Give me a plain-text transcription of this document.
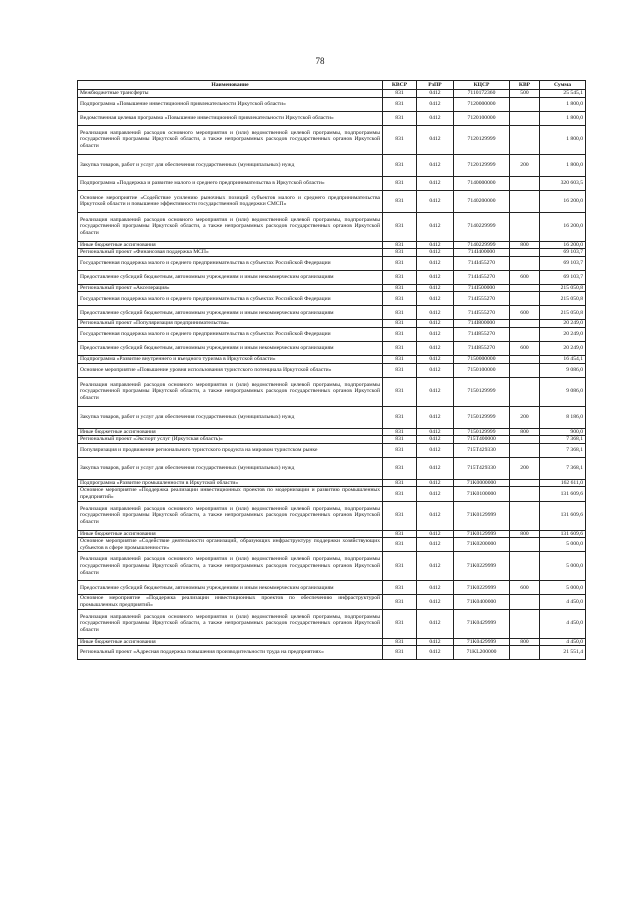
78
Наименование	КВСР	РзПР	КЦСР	КВР	Сумма
Межбюджетные трансферты	831	0412	7110172360	500	25 545,1
Подпрограмма «Повышение инвестиционной привлекательности Иркутской области»	831	0412	7120000000		1 800,0
Ведомственная целевая программа «Повышение инвестиционной привлекательности Иркутской области»	831	0412	7120100000		1 800,0
Реализация направлений расходов основного мероприятия и (или) ведомственной целевой программы, подпрограммы государственной программы Иркутской области, а также непрограммных расходов государственных органов Иркутской области	831	0412	7120129999		1 800,0
Закупка товаров, работ и услуг для обеспечения государственных (муниципальных) нужд	831	0412	7120129999	200	1 800,0
Подпрограмма «Поддержка и развитие малого и среднего предпринимательства в Иркутской области»	831	0412	7140000000		320 603,5
Основное мероприятие «Содействие усилению рыночных позиций субъектов малого и среднего предпринимательства Иркутской области и повышение эффективности государственной поддержки СМСП»	831	0412	7140200000		16 200,0
Реализация направлений расходов основного мероприятия и (или) ведомственной целевой программы, подпрограммы государственной программы Иркутской области, а также непрограммных расходов государственных органов Иркутской области	831	0412	7140229999		16 200,0
Иные бюджетные ассигнования	831	0412	7140229999	800	16 200,0
Региональный проект «Финансовая поддержка МСП»	831	0412	714I400000		69 103,7
Государственная поддержка малого и среднего предпринимательства в субъектах Российской Федерации	831	0412	714I455270		69 103,7
Предоставление субсидий бюджетным, автономным учреждениям и иным некоммерческим организациям	831	0412	714I455270	600	69 103,7
Региональный проект «Акселерация»	831	0412	714I500000		215 050,8
Государственная поддержка малого и среднего предпринимательства в субъектах Российской Федерации	831	0412	714I555270		215 050,8
Предоставление субсидий бюджетным, автономным учреждениям и иным некоммерческим организациям	831	0412	714I555270	600	215 050,8
Региональный проект «Популяризация предпринимательства»	831	0412	714I800000		20 249,0
Государственная поддержка малого и среднего предпринимательства в субъектах Российской Федерации	831	0412	714I855270		20 249,0
Предоставление субсидий бюджетным, автономным учреждениям и иным некоммерческим организациям	831	0412	714I855270	600	20 249,0
Подпрограмма «Развитие внутреннего и въездного туризма в Иркутской области»	831	0412	7150000000		16 454,1
Основное мероприятие «Повышение уровня использования туристского потенциала Иркутской области»	831	0412	7150100000		9 086,0
Реализация направлений расходов основного мероприятия и (или) ведомственной целевой программы, подпрограммы государственной программы Иркутской области, а также непрограммных расходов государственных органов Иркутской области	831	0412	7150129999		9 086,0
Закупка товаров, работ и услуг для обеспечения государственных (муниципальных) нужд	831	0412	7150129999	200	8 186,0
Иные бюджетные ассигнования	831	0412	7150129999	800	900,0
Региональный проект «Экспорт услуг (Иркутская область)»	831	0412	715T400000		7 368,1
Популяризация и продвижение регионального туристского продукта на мировом туристском рынке	831	0412	715T429330		7 368,1
Закупка товаров, работ и услуг для обеспечения государственных (муниципальных) нужд	831	0412	715T429330	200	7 368,1
Подпрограмма «Развитие промышленности в Иркутской области»	831	0412	71K0000000		162 611,0
Основное мероприятие «Поддержка реализации инвестиционных проектов по модернизации и развитию промышленных предприятий»	831	0412	71K0100000		131 609,6
Реализация направлений расходов основного мероприятия и (или) ведомственной целевой программы, подпрограммы государственной программы Иркутской области, а также непрограммных расходов государственных органов Иркутской области	831	0412	71K0129999		131 609,6
Иные бюджетные ассигнования	831	0412	71K0129999	800	131 609,6
Основное мероприятие «Содействие деятельности организаций, образующих инфраструктуру поддержки хозяйствующих субъектов в сфере промышленности»	831	0412	71K0200000		5 000,0
Реализация направлений расходов основного мероприятия и (или) ведомственной целевой программы, подпрограммы государственной программы Иркутской области, а также непрограммных расходов государственных органов Иркутской области	831	0412	71K0229999		5 000,0
Предоставление субсидий бюджетным, автономным учреждениям и иным некоммерческим организациям	831	0412	71K0229999	600	5 000,0
Основное мероприятие «Поддержка реализации инвестиционных проектов по обеспечению инфраструктурой промышленных предприятий»	831	0412	71K0400000		4 450,0
Реализация направлений расходов основного мероприятия и (или) ведомственной целевой программы, подпрограммы государственной программы Иркутской области, а также непрограммных расходов государственных органов Иркутской области	831	0412	71K0429999		4 450,0
Иные бюджетные ассигнования	831	0412	71K0429999	800	4 450,0
Региональный проект «Адресная поддержка повышения производительности труда на предприятиях»	831	0412	71KL200000		21 551,4
